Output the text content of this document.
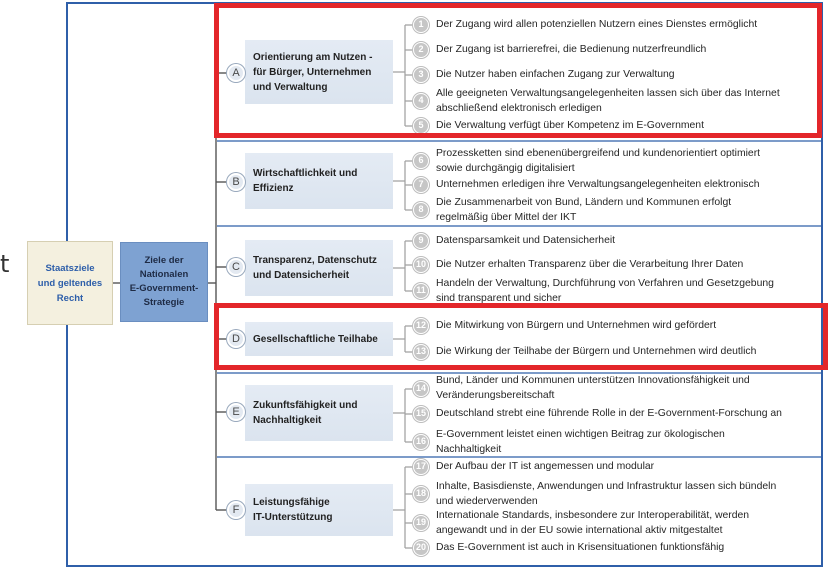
t	Staatsziele
und geltendes
Recht
Ziele der
Nationalen
E-Government-
Strategie
Orientierung am Nutzen -
für Bürger, Unternehmen
und Verwaltung
Wirtschaftlichkeit und
Effizienz
Transparenz, Datenschutz
und Datensicherheit
Gesellschaftliche Teilhabe
Zukunftsfähigkeit und
Nachhaltigkeit
Leistungsfähige
IT-Unterstützung
A
B
C
D
E
F
1	Der Zugang wird allen potenziellen Nutzern eines Dienstes ermöglicht
2	Der Zugang ist barrierefrei, die Bedienung nutzerfreundlich
3	Die Nutzer haben einfachen Zugang zur Verwaltung
4
Alle geeigneten Verwaltungsangelegenheiten lassen sich über das Internet
abschließend elektronisch erledigen
5	Die Verwaltung verfügt über Kompetenz im E-Government
6
Prozessketten sind ebenenübergreifend und kundenorientiert optimiert
sowie durchgängig digitalisiert
7	Unternehmen erledigen ihre Verwaltungsangelegenheiten elektronisch
8
Die Zusammenarbeit von Bund, Ländern und Kommunen erfolgt
regelmäßig über Mittel der IKT
9	Datensparsamkeit und Datensicherheit
10 Die Nutzer erhalten Transparenz über die Verarbeitung Ihrer Daten
11
Handeln der Verwaltung, Durchführung von Verfahren und Gesetzgebung
sind transparent und sicher
12 Die Mitwirkung von Bürgern und Unternehmen wird gefördert
13 Die Wirkung der Teilhabe der Bürgern und Unternehmen wird deutlich
14
Bund, Länder und Kommunen unterstützen Innovationsfähigkeit und
Veränderungsbereitschaft
15 Deutschland strebt eine führende Rolle in der E-Government-Forschung an
16
E-Government leistet einen wichtigen Beitrag zur ökologischen
Nachhaltigkeit
17 Der Aufbau der IT ist angemessen und modular
18
Inhalte, Basisdienste, Anwendungen und Infrastruktur lassen sich bündeln
und wiederverwenden
19
Internationale Standards, insbesondere zur Interoperabilität, werden
angewandt und in der EU sowie international aktiv mitgestaltet
20 Das E-Government ist auch in Krisensituationen funktionsfähig
